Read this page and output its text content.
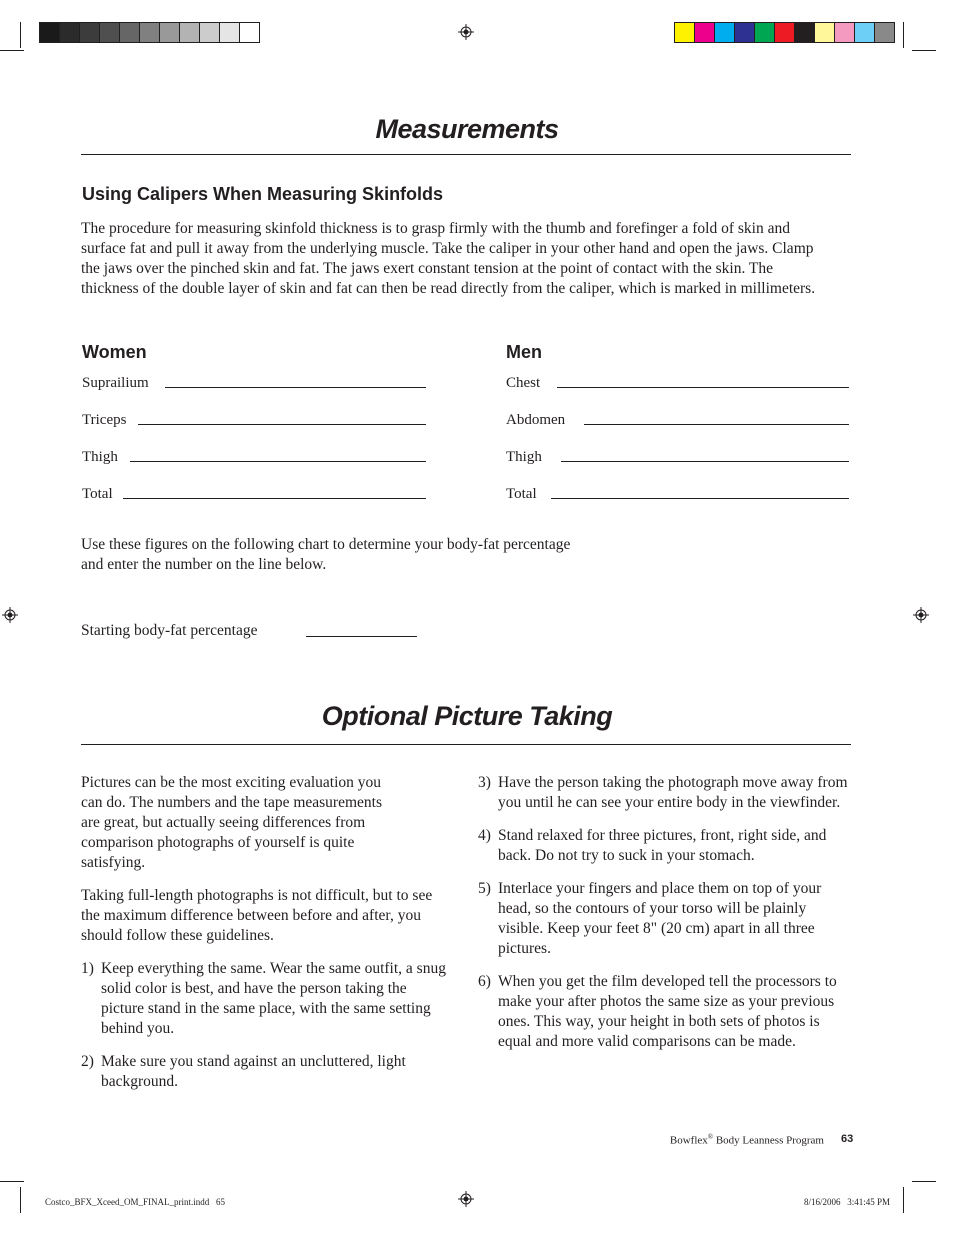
Measurements
Using Calipers When Measuring Skinfolds

The procedure for measuring skinfold thickness is to grasp firmly with the thumb and forefinger a fold of skin and surface fat and pull it away from the underlying muscle. Take the caliper in your other hand and open the jaws. Clamp the jaws over the pinched skin and fat. The jaws exert constant tension at the point of contact with the skin. The thickness of the double layer of skin and fat can then be read directly from the caliper, which is marked in millimeters.

Women
Suprailium
Triceps
Thigh
Total
Men
Chest
Abdomen
Thigh
Total

Use these figures on the following chart to determine your body-fat percentage

and enter the number on the line below.

Starting body-fat percentage
Optional Picture Taking

Pictures can be the most exciting evaluation you can do. The numbers and the tape measurements are great, but actually seeing differences from comparison photographs of yourself is quite satisfying.

Taking full-length photographs is not difficult, but to see the maximum difference between before and after, you should follow these guidelines.

1) Keep everything the same. Wear the same outfit, a snug solid color is best, and have the person taking the picture stand in the same place, with the same setting behind you.
2) Make sure you stand against an uncluttered, light background.
3) Have the person taking the photograph move away from you until he can see your entire body in the viewfinder.
4) Stand relaxed for three pictures, front, right side, and back. Do not try to suck in your stomach.
5) Interlace your fingers and place them on top of your head, so the contours of your torso will be plainly visible. Keep your feet 8" (20 cm) apart in all three pictures.
6) When you get the film developed tell the processors to make your after photos the same size as your previous ones. This way, your height in both sets of photos is equal and more valid comparisons can be made.
Bowflex® Body Leanness Program 63
Costco_BFX_Xceed_OM_FINAL_print.indd   65	8/16/2006   3:41:45 PM
